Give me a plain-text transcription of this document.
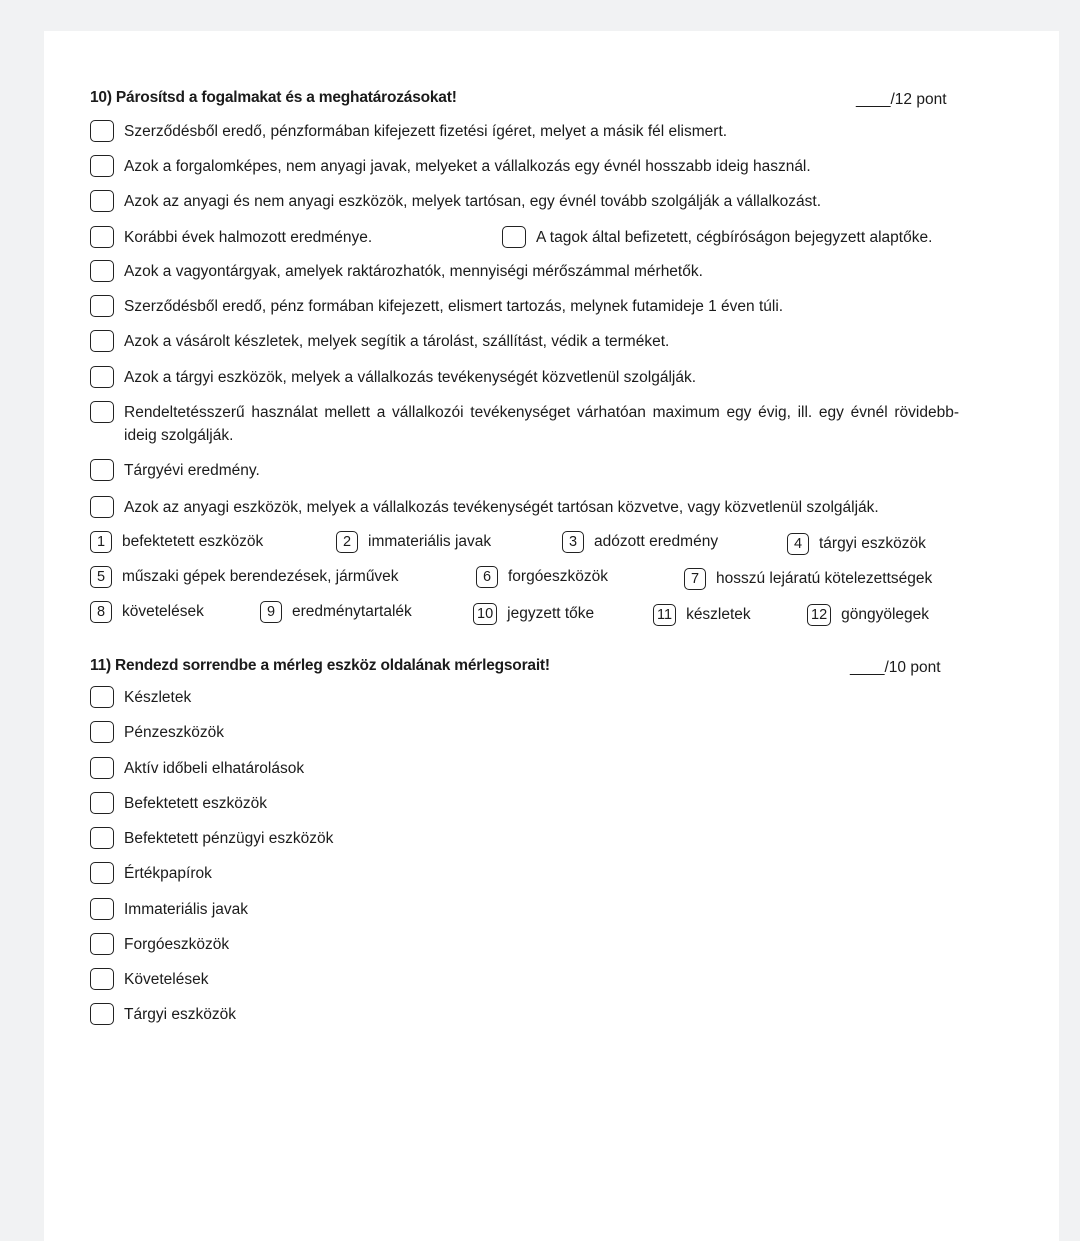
10) Párosítsd a fogalmakat és a meghatározásokat!	____/12 pont
Szerződésből eredő, pénzformában kifejezett fizetési ígéret, melyet a másik fél elismert.
Azok a forgalomképes, nem anyagi javak, melyeket a vállalkozás egy évnél hosszabb ideig használ.
Azok az anyagi és nem anyagi eszközök, melyek tartósan, egy évnél tovább szolgálják a vállalkozást.
Korábbi évek halmozott eredménye.	A tagok által befizetett, cégbíróságon bejegyzett alaptőke.
Azok a vagyontárgyak, amelyek raktározhatók, mennyiségi mérőszámmal mérhetők.
Szerződésből eredő, pénz formában kifejezett, elismert tartozás, melynek futamideje 1 éven túli.
Azok a vásárolt készletek, melyek segítik a tárolást, szállítást, védik a terméket.
Azok a tárgyi eszközök, melyek a vállalkozás tevékenységét közvetlenül szolgálják.
Rendeltetésszerű használat mellett a vállalkozói tevékenységet várhatóan maximum egy évig, ill. egy évnél rövidebb- ideig szolgálják.
Tárgyévi eredmény.
Azok az anyagi eszközök, melyek a vállalkozás tevékenységét tartósan közvetve, vagy közvetlenül szolgálják.
1	befektetett eszközök	2	immateriális javak	3	adózott eredmény	4	tárgyi eszközök
5	műszaki gépek berendezések, járművek	6	forgóeszközök	7	hosszú lejáratú kötelezettségek
8	követelések	9	eredménytartalék	10 jegyzett tőke	11 készletek	12 göngyölegek
11) Rendezd sorrendbe a mérleg eszköz oldalának mérlegsorait!	____/10 pont
Készletek
Pénzeszközök
Aktív időbeli elhatárolások
Befektetett eszközök
Befektetett pénzügyi eszközök
Értékpapírok
Immateriális javak
Forgóeszközök
Követelések
Tárgyi eszközök
